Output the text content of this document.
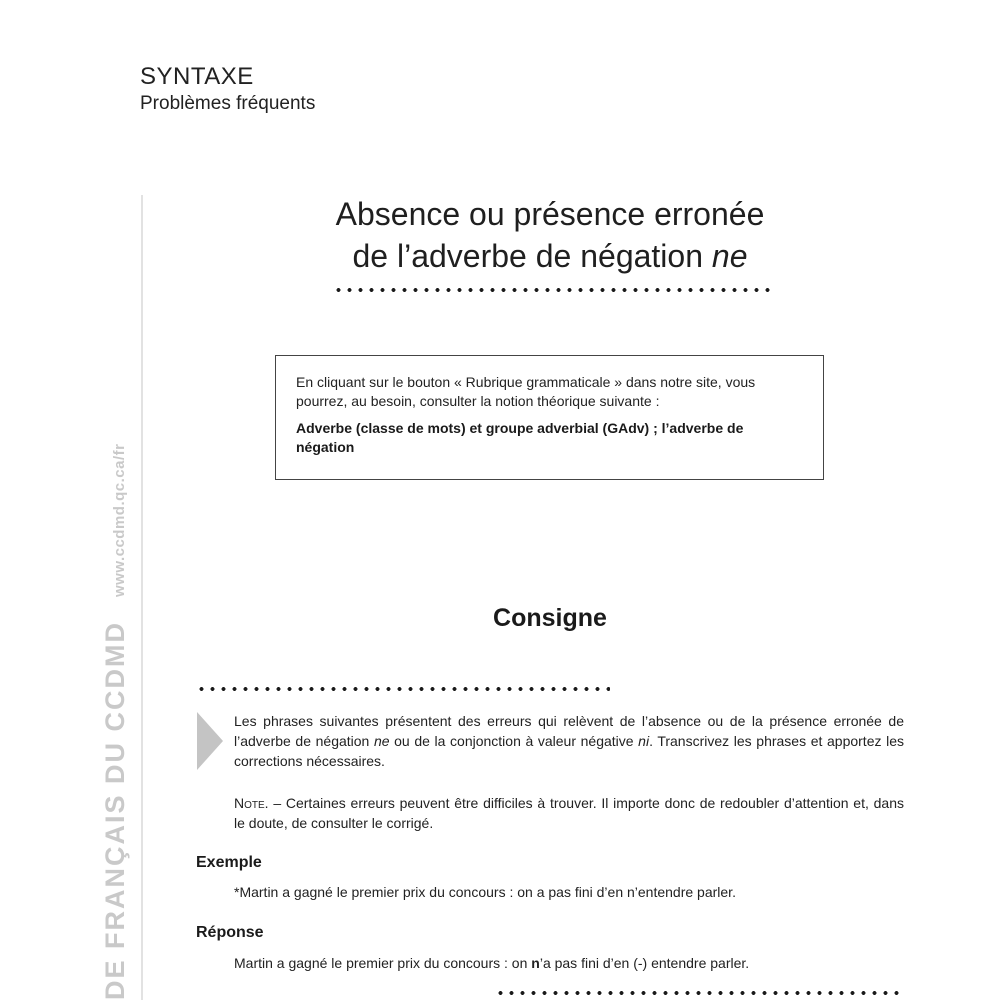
SYNTAXE
Problèmes fréquents
DE FRANÇAIS DU CCDMD
www.ccdmd.qc.ca/fr
Absence ou présence erronée
de l’adverbe de négation ne
En cliquant sur le bouton « Rubrique grammaticale » dans notre site, vous pourrez, au besoin, consulter la notion théorique suivante :
Adverbe (classe de mots) et groupe adverbial (GAdv) ; l’adverbe de négation
Consigne
Les phrases suivantes présentent des erreurs qui relèvent de l’absence ou de la présence erronée de l’adverbe de négation ne ou de la conjonction à valeur négative ni. Transcrivez les phrases et apportez les corrections nécessaires.
Note. – Certaines erreurs peuvent être difficiles à trouver. Il importe donc de redoubler d’attention et, dans le doute, de consulter le corrigé.
Exemple
*Martin a gagné le premier prix du concours : on a pas fini d’en n’entendre parler.
Réponse
Martin a gagné le premier prix du concours : on n’a pas fini d’en (-) entendre parler.
